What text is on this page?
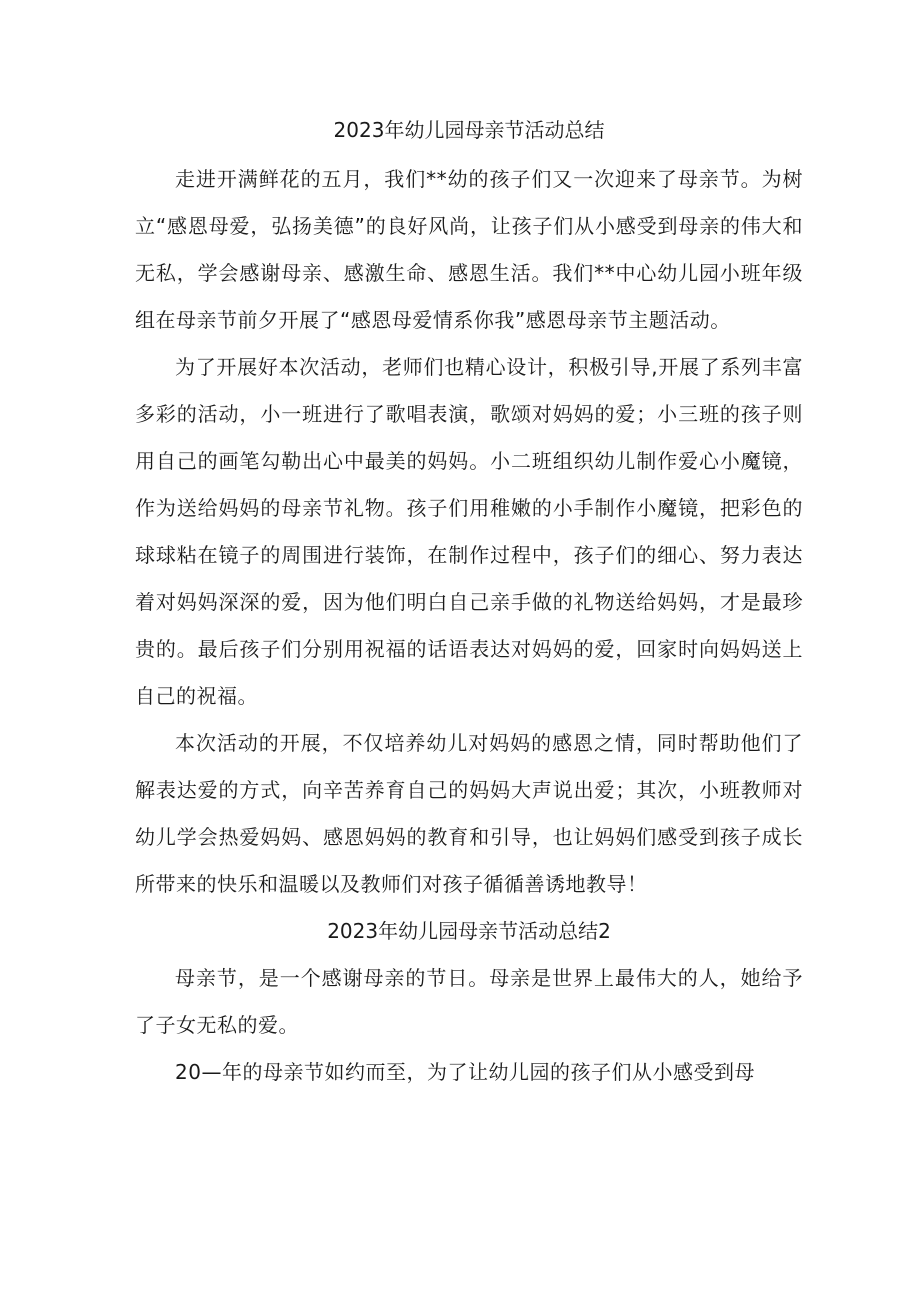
2023年幼儿园母亲节活动总结

走进开满鲜花的五月，我们**幼的孩子们又一次迎来了母亲节。为树立“感恩母爱，弘扬美德”的良好风尚，让孩子们从小感受到母亲的伟大和无私，学会感谢母亲、感激生命、感恩生活。我们**中心幼儿园小班年级组在母亲节前夕开展了“感恩母爱情系你我”感恩母亲节主题活动。

为了开展好本次活动，老师们也精心设计，积极引导,开展了系列丰富多彩的活动，小一班进行了歌唱表演，歌颂对妈妈的爱；小三班的孩子则用自己的画笔勾勒出心中最美的妈妈。小二班组织幼儿制作爱心小魔镜，作为送给妈妈的母亲节礼物。孩子们用稚嫩的小手制作小魔镜，把彩色的球球粘在镜子的周围进行装饰，在制作过程中，孩子们的细心、努力表达着对妈妈深深的爱，因为他们明白自己亲手做的礼物送给妈妈，才是最珍贵的。最后孩子们分别用祝福的话语表达对妈妈的爱，回家时向妈妈送上自己的祝福。

本次活动的开展，不仅培养幼儿对妈妈的感恩之情，同时帮助他们了解表达爱的方式，向辛苦养育自己的妈妈大声说出爱；其次，小班教师对幼儿学会热爱妈妈、感恩妈妈的教育和引导，也让妈妈们感受到孩子成长所带来的快乐和温暖以及教师们对孩子循循善诱地教导！

2023年幼儿园母亲节活动总结2

母亲节，是一个感谢母亲的节日。母亲是世界上最伟大的人，她给予了子女无私的爱。

20—年的母亲节如约而至，为了让幼儿园的孩子们从小感受到母
